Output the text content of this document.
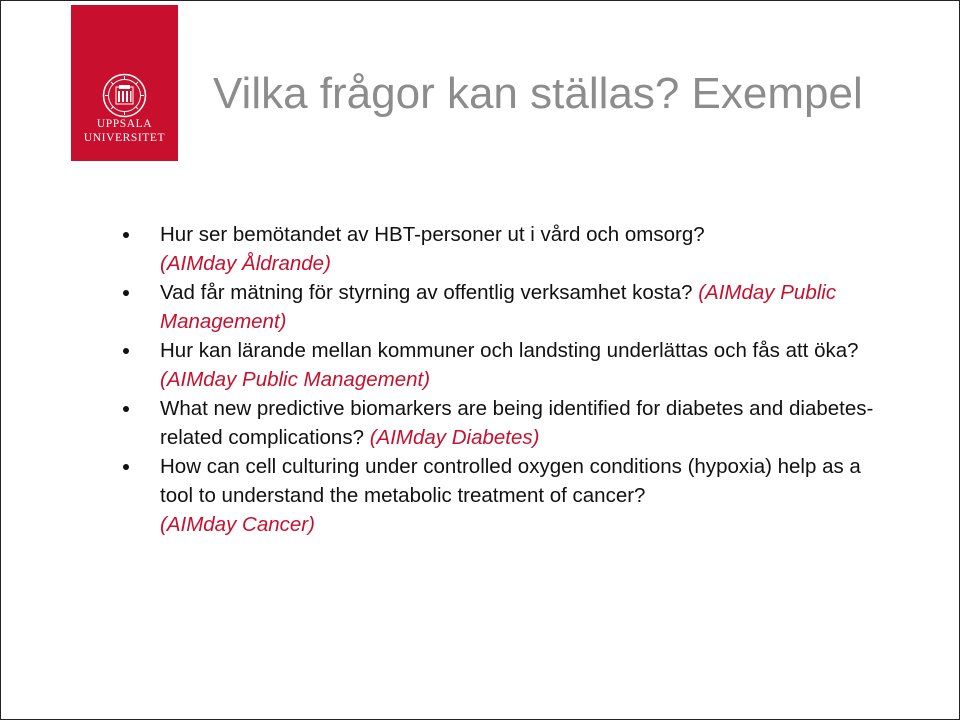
UPPSALA
UNIVERSITET
Vilka frågor kan ställas? Exempel
Hur ser bemötandet av HBT-personer ut i vård och omsorg?
(AIMday Åldrande)
Vad får mätning för styrning av offentlig verksamhet kosta? (AIMday Public Management)
Hur kan lärande mellan kommuner och landsting underlättas och fås att öka? (AIMday Public Management)
What new predictive biomarkers are being identified for diabetes and diabetes-related complications? (AIMday Diabetes)
How can cell culturing under controlled oxygen conditions (hypoxia) help as a tool to understand the metabolic treatment of cancer?
(AIMday Cancer)
